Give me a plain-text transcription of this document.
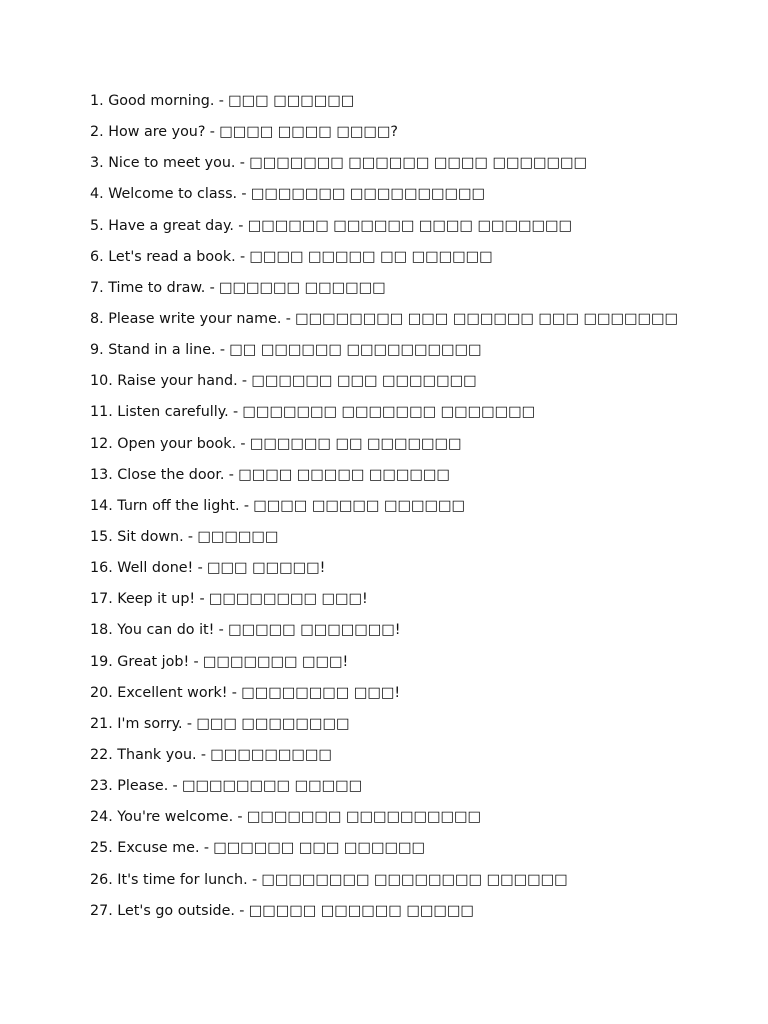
1. Good morning. - □□□ □□□□□□
2. How are you? - □□□□ □□□□ □□□□?
3. Nice to meet you. - □□□□□□□ □□□□□□ □□□□ □□□□□□□
4. Welcome to class. - □□□□□□□ □□□□□□□□□□
5. Have a great day. - □□□□□□ □□□□□□ □□□□ □□□□□□□
6. Let's read a book. - □□□□ □□□□□ □□ □□□□□□
7. Time to draw. - □□□□□□ □□□□□□
8. Please write your name. - □□□□□□□□ □□□ □□□□□□ □□□ □□□□□□□
9. Stand in a line. - □□ □□□□□□ □□□□□□□□□□
10. Raise your hand. - □□□□□□ □□□ □□□□□□□
11. Listen carefully. - □□□□□□□ □□□□□□□ □□□□□□□
12. Open your book. - □□□□□□ □□ □□□□□□□
13. Close the door. - □□□□ □□□□□ □□□□□□
14. Turn off the light. - □□□□ □□□□□ □□□□□□
15. Sit down. - □□□□□□
16. Well done! - □□□ □□□□□!
17. Keep it up! - □□□□□□□□ □□□!
18. You can do it! - □□□□□ □□□□□□□!
19. Great job! - □□□□□□□ □□□!
20. Excellent work! - □□□□□□□□ □□□!
21. I'm sorry. - □□□ □□□□□□□□
22. Thank you. - □□□□□□□□□
23. Please. - □□□□□□□□ □□□□□
24. You're welcome. - □□□□□□□ □□□□□□□□□□
25. Excuse me. - □□□□□□ □□□ □□□□□□
26. It's time for lunch. - □□□□□□□□ □□□□□□□□ □□□□□□
27. Let's go outside. - □□□□□ □□□□□□ □□□□□
